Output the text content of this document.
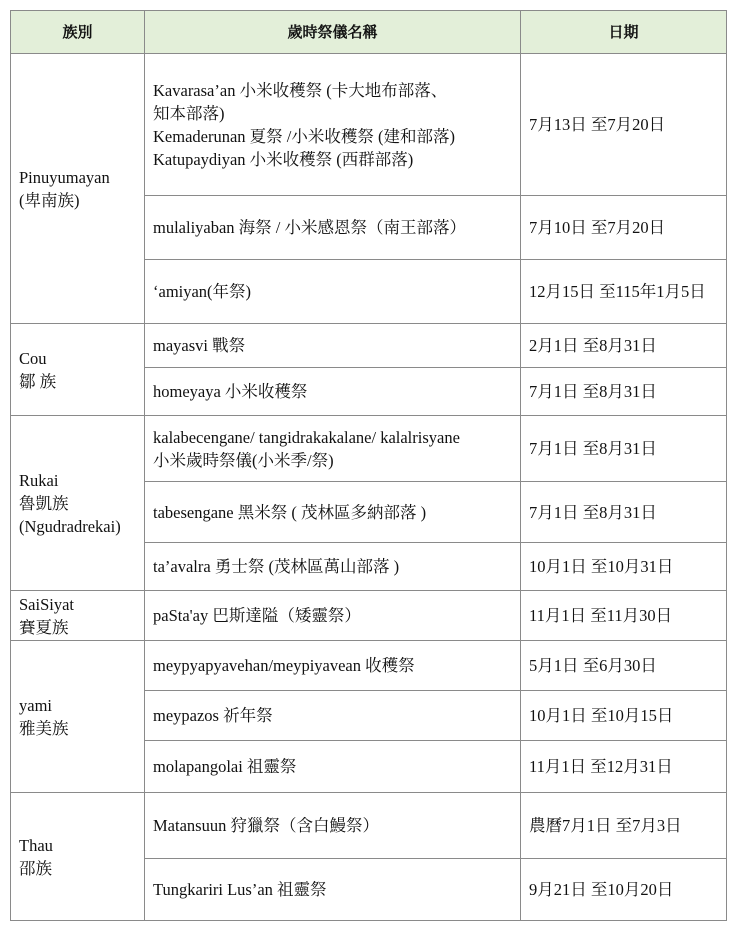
族別	歲時祭儀名稱	日期

Pinuyumayan
(卑南族)	Kavarasa’an 小米收穫祭 (卡大地布部落、
知本部落)
Kemaderunan 夏祭 /小米收穫祭 (建和部落)
Katupaydiyan 小米收穫祭 (西群部落)	7月13日 至7月20日

	mulaliyaban 海祭 / 小米感恩祭（南王部落）	7月10日 至7月20日

	‘amiyan(年祭)	12月15日 至115年1月5日

Cou
鄒 族	mayasvi 戰祭	2月1日 至8月31日

	homeyaya 小米收穫祭	7月1日 至8月31日

Rukai
魯凱族
(Ngudradrekai)	kalabecengane/ tangidrakakalane/ kalalrisyane
小米歲時祭儀(小米季/祭)	7月1日 至8月31日

	tabesengane 黑米祭 ( 茂林區多納部落 )	7月1日 至8月31日

	ta’avalra 勇士祭 (茂林區萬山部落 )	10月1日 至10月31日

SaiSiyat
賽夏族	paSta'ay 巴斯達隘（矮靈祭）	11月1日 至11月30日

yami
雅美族	meypyapyavehan/meypiyavean 收穫祭	5月1日 至6月30日

	meypazos 祈年祭	10月1日 至10月15日

	molapangolai 祖靈祭	11月1日 至12月31日

Thau
邵族	Matansuun 狩獵祭（含白鰻祭）	農曆7月1日 至7月3日

	Tungkariri Lus’an 祖靈祭	9月21日 至10月20日
